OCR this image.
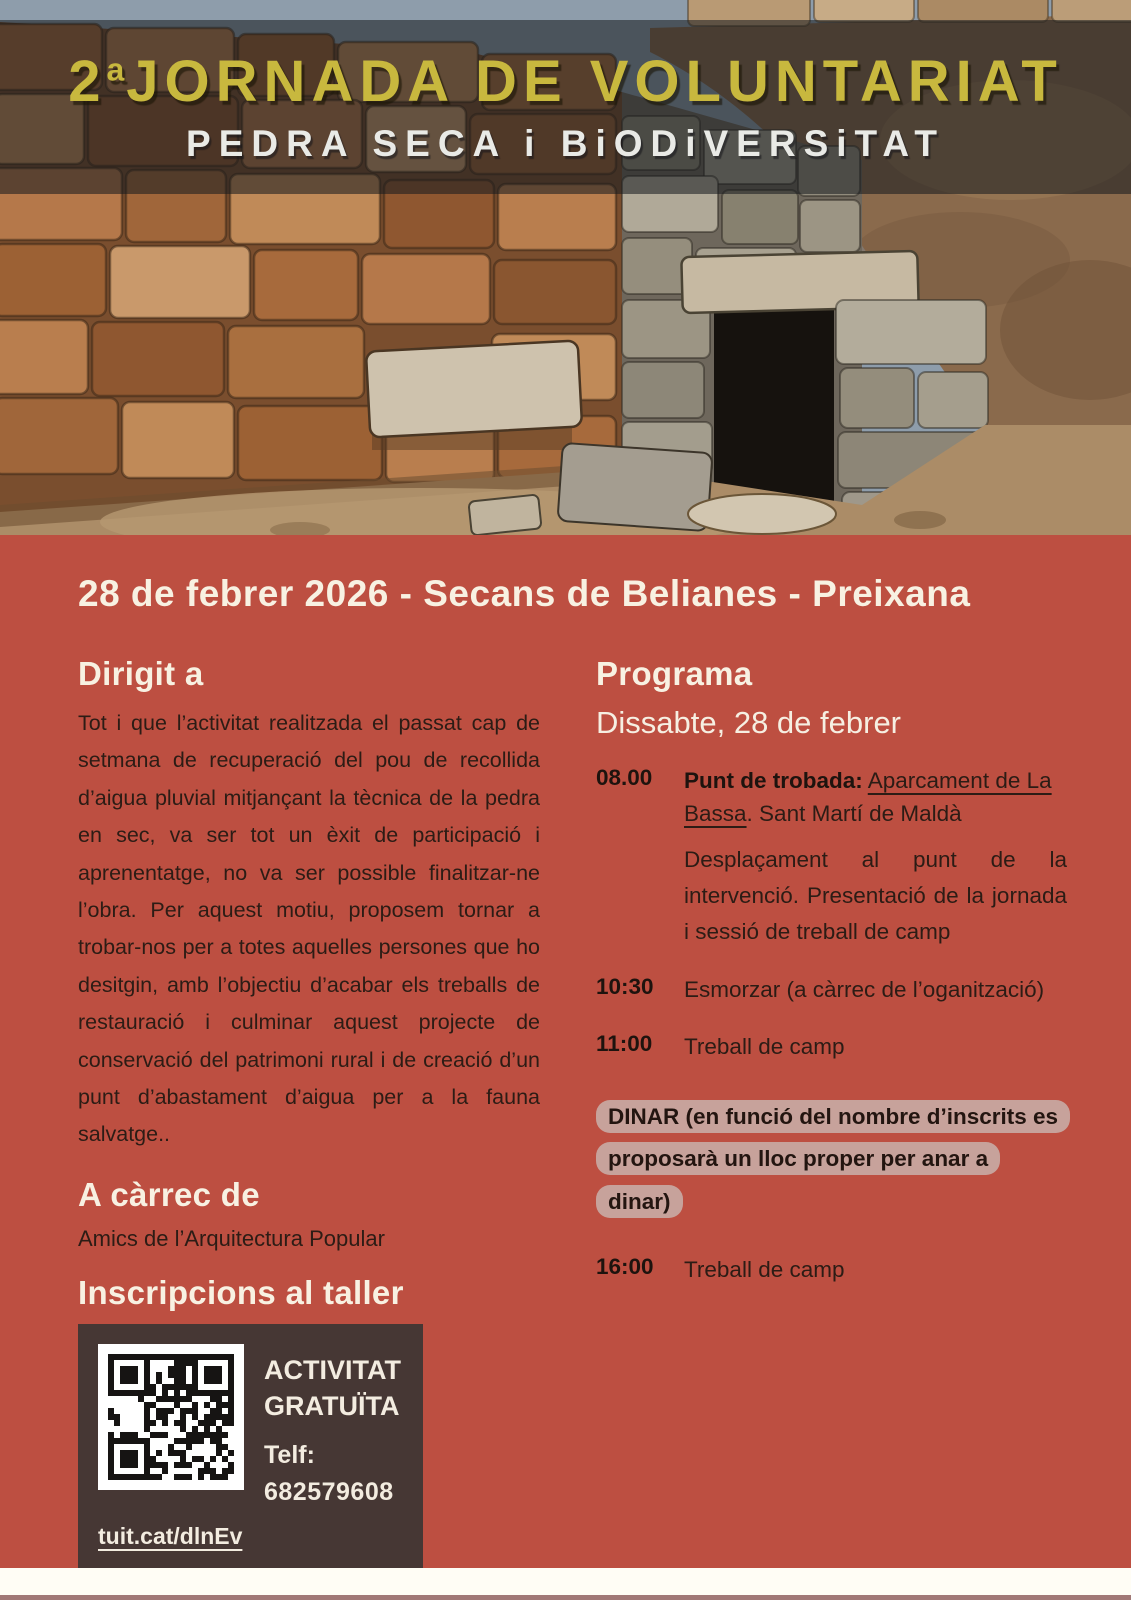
2$^a$JORNADA DE VOLUNTARIAT
PEDRA SECA i BiODiVERSiTAT
28 de febrer 2026 - Secans de Belianes - Preixana
Dirigit a

Tot i que l’activitat realitzada el passat cap de setmana de recuperació del pou de recollida d’aigua pluvial mitjançant la tècnica de la pedra en sec, va ser tot un èxit de participació i aprenentatge, no va ser possible finalitzar-ne l’obra. Per aquest motiu, proposem tornar a trobar-nos per a totes aquelles persones que ho desitgin, amb l’objectiu d’acabar els treballs de restauració i culminar aquest projecte de conservació del patrimoni rural i de creació d’un punt d’abastament d’aigua per a la fauna salvatge..

A càrrec de

Amics de l’Arquitectura Popular

Inscripcions al taller
ACTIVITAT
GRATUÏTA
Telf:
682579608
tuit.cat/dlnEv
Programa

Dissabte, 28 de febrer

08.00	Punt de trobada: Aparcament de La Bassa. Sant Martí de Maldà
Desplaçament al punt de la intervenció. Presentació de la jornada i sessió de treball de camp
10:30	Esmorzar (a càrrec de l’oganització)
11:00	Treball de camp
DINAR (en funció del nombre d’inscrits es proposarà un lloc proper per anar a dinar)
16:00	Treball de camp
